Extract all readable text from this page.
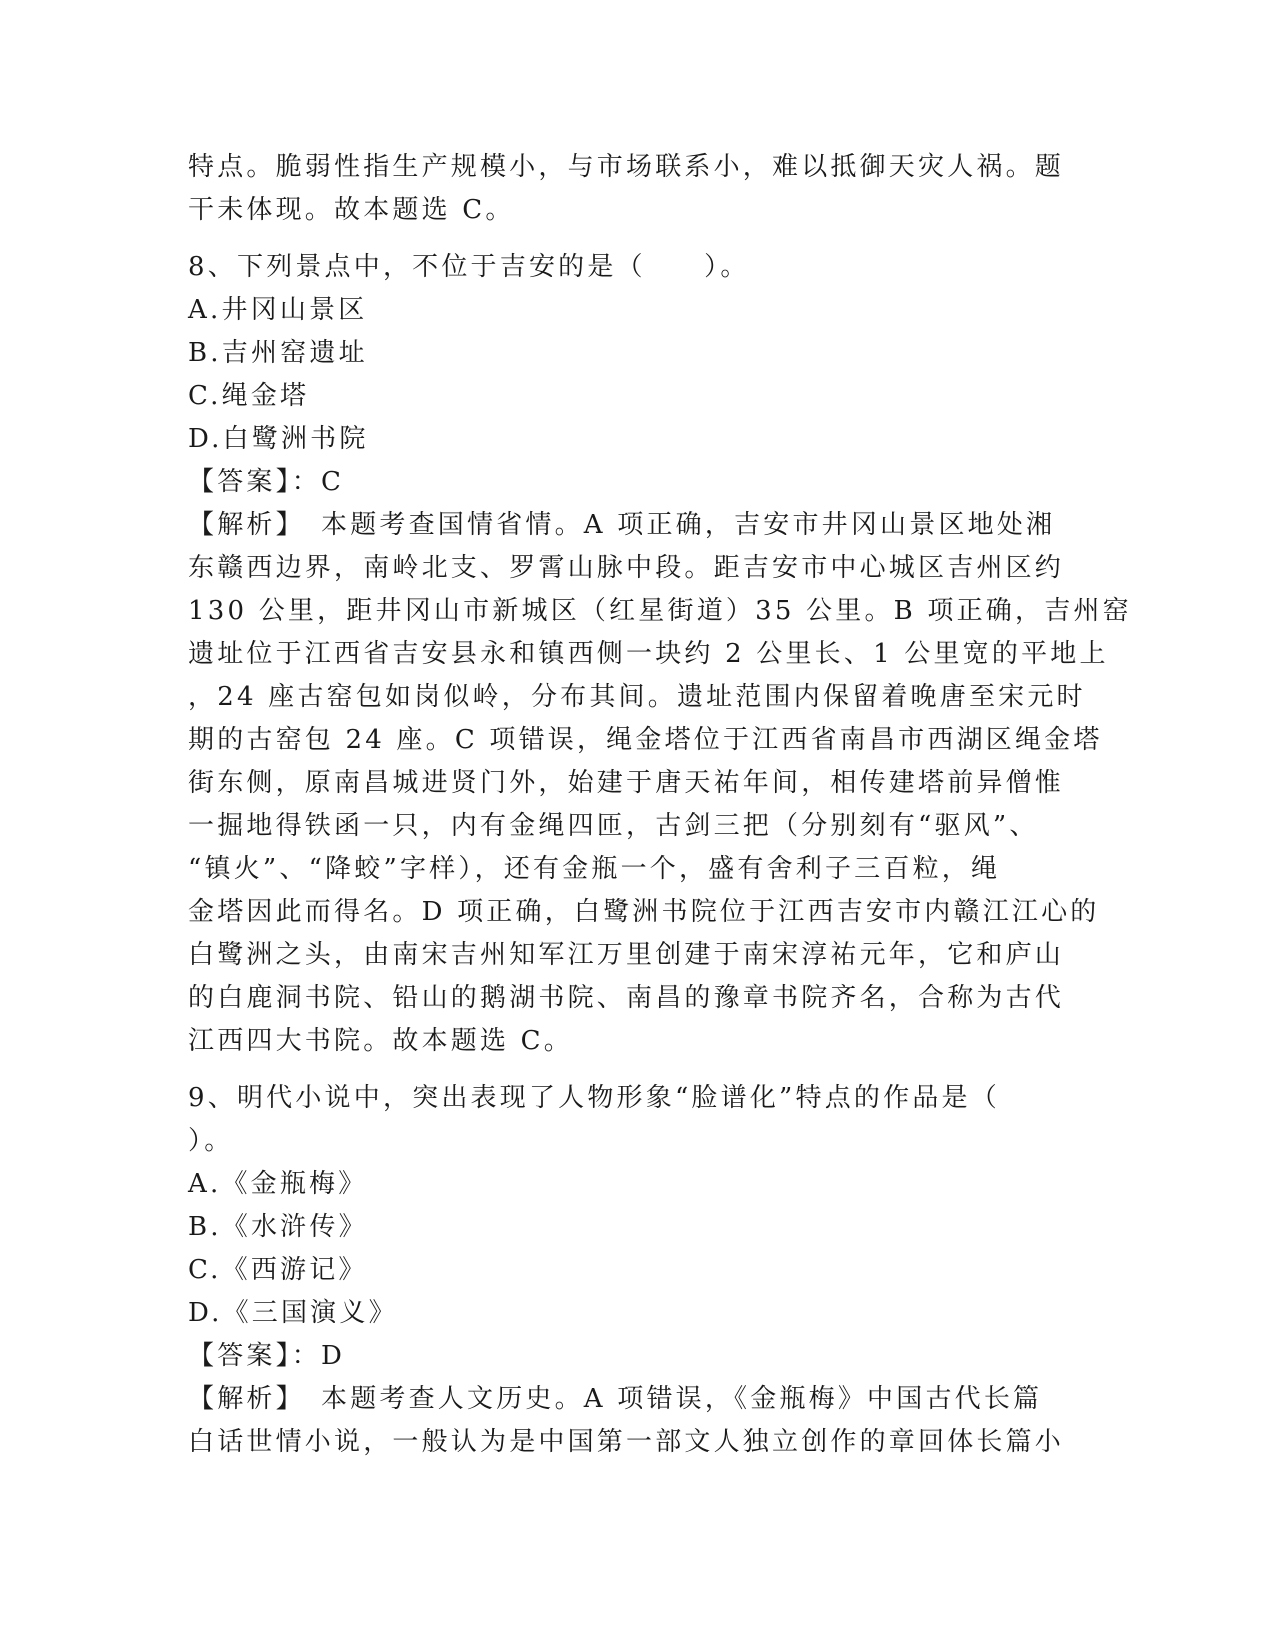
特点。脆弱性指生产规模小，与市场联系小，难以抵御天灾人祸。题
干未体现。故本题选 C。
8、下列景点中，不位于吉安的是（　　）。
A.井冈山景区
B.吉州窑遗址
C.绳金塔
D.白鹭洲书院
【答案】：C
【解析】　本题考查国情省情。A 项正确，吉安市井冈山景区地处湘
东赣西边界，南岭北支、罗霄山脉中段。距吉安市中心城区吉州区约
130 公里，距井冈山市新城区（红星街道）35 公里。B 项正确，吉州窑
遗址位于江西省吉安县永和镇西侧一块约 2 公里长、1 公里宽的平地上
，24 座古窑包如岗似岭，分布其间。遗址范围内保留着晚唐至宋元时
期的古窑包 24 座。C 项错误，绳金塔位于江西省南昌市西湖区绳金塔
街东侧，原南昌城进贤门外，始建于唐天祐年间，相传建塔前异僧惟
一掘地得铁函一只，内有金绳四匝，古剑三把（分别刻有“驱风”、
“镇火”、“降蛟”字样），还有金瓶一个，盛有舍利子三百粒，绳
金塔因此而得名。D 项正确，白鹭洲书院位于江西吉安市内赣江江心的
白鹭洲之头，由南宋吉州知军江万里创建于南宋淳祐元年，它和庐山
的白鹿洞书院、铅山的鹅湖书院、南昌的豫章书院齐名，合称为古代
江西四大书院。故本题选 C。
9、明代小说中，突出表现了人物形象“脸谱化”特点的作品是（
）。
A.《金瓶梅》
B.《水浒传》
C.《西游记》
D.《三国演义》
【答案】：D
【解析】　本题考查人文历史。A 项错误，《金瓶梅》中国古代长篇
白话世情小说，一般认为是中国第一部文人独立创作的章回体长篇小
